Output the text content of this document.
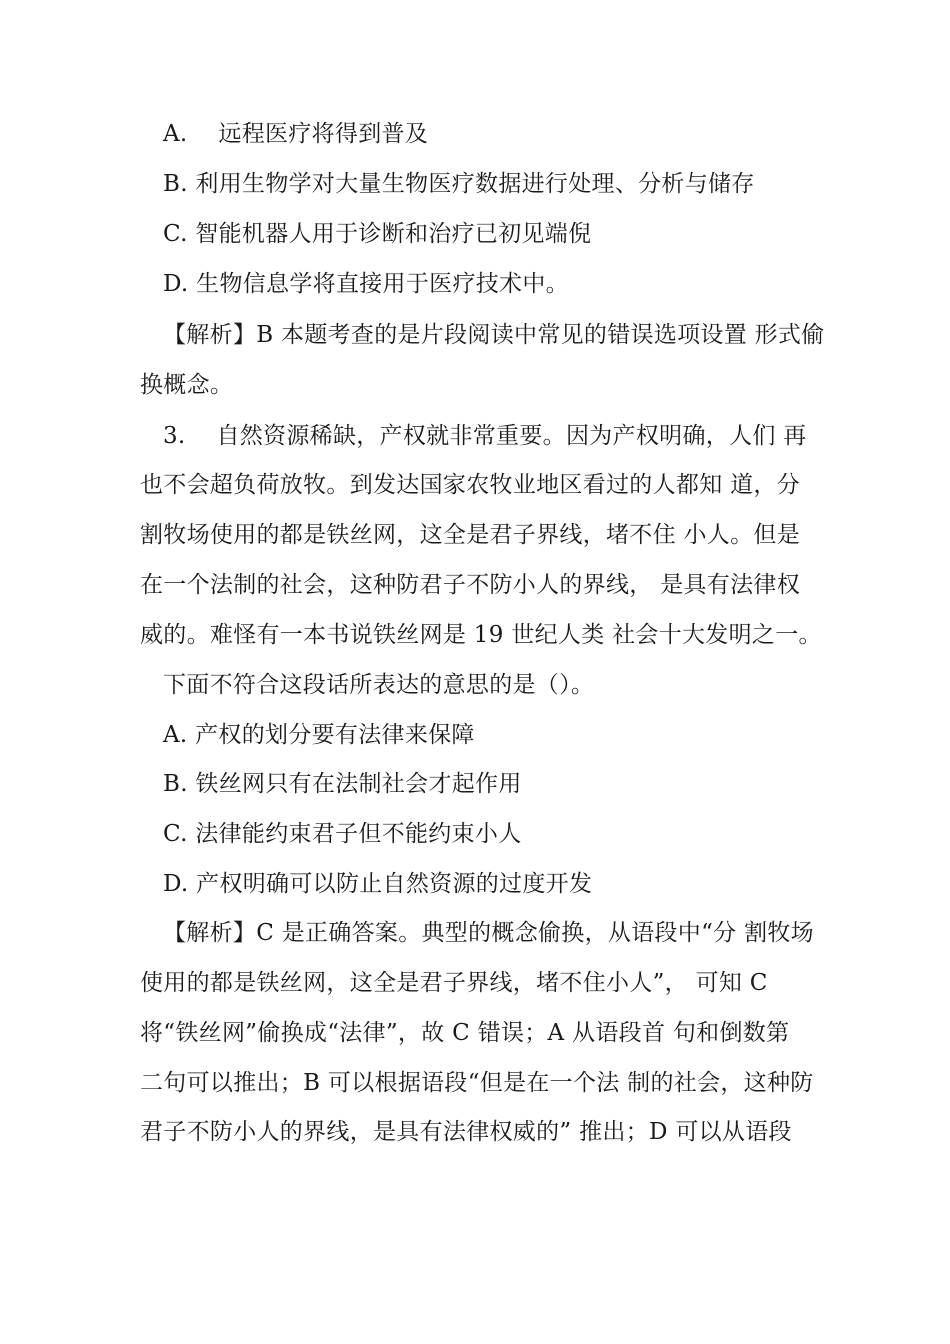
A.　 远程医疗将得到普及
B. 利用生物学对大量生物医疗数据进行处理、分析与储存
C. 智能机器人用于诊断和治疗已初见端倪
D. 生物信息学将直接用于医疗技术中。
【解析】B 本题考查的是片段阅读中常见的错误选项设置 形式偷
换概念。
3.　 自然资源稀缺，产权就非常重要。因为产权明确，人们 再
也不会超负荷放牧。到发达国家农牧业地区看过的人都知 道，分
割牧场使用的都是铁丝网，这全是君子界线，堵不住 小人。但是
在一个法制的社会，这种防君子不防小人的界线， 是具有法律权
威的。难怪有一本书说铁丝网是 19 世纪人类 社会十大发明之一。
下面不符合这段话所表达的意思的是（）。
A. 产权的划分要有法律来保障
B. 铁丝网只有在法制社会才起作用
C. 法律能约束君子但不能约束小人
D. 产权明确可以防止自然资源的过度开发
【解析】C 是正确答案。典型的概念偷换，从语段中“分 割牧场
使用的都是铁丝网，这全是君子界线，堵不住小人”， 可知 C
将“铁丝网”偷换成“法律”，故 C 错误；A 从语段首 句和倒数第
二句可以推出；B 可以根据语段“但是在一个法 制的社会，这种防
君子不防小人的界线，是具有法律权威的” 推出；D 可以从语段
